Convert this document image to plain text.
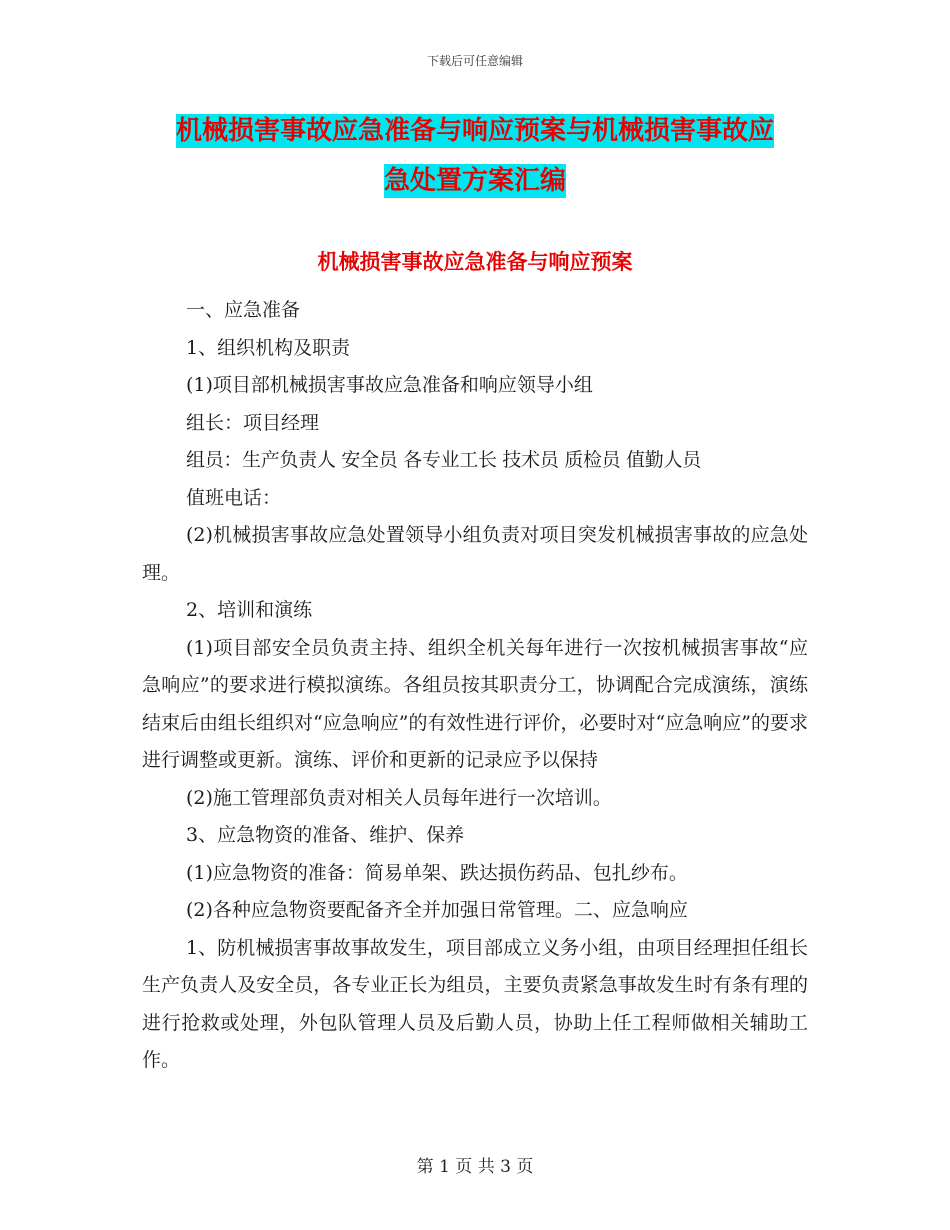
下载后可任意编辑
机械损害事故应急准备与响应预案与机械损害事故应
急处置方案汇编
机械损害事故应急准备与响应预案

一、应急准备

1、组织机构及职责

(1)项目部机械损害事故应急准备和响应领导小组

组长：项目经理

组员：生产负责人 安全员 各专业工长 技术员 质检员 值勤人员

值班电话：

(2)机械损害事故应急处置领导小组负责对项目突发机械损害事故的应急处理。

2、培训和演练

(1)项目部安全员负责主持、组织全机关每年进行一次按机械损害事故“应急响应”的要求进行模拟演练。各组员按其职责分工，协调配合完成演练，演练结束后由组长组织对“应急响应”的有效性进行评价，必要时对“应急响应”的要求进行调整或更新。演练、评价和更新的记录应予以保持

(2)施工管理部负责对相关人员每年进行一次培训。

3、应急物资的准备、维护、保养

(1)应急物资的准备：简易单架、跌达损伤药品、包扎纱布。

(2)各种应急物资要配备齐全并加强日常管理。二、应急响应

1、防机械损害事故事故发生，项目部成立义务小组，由项目经理担任组长生产负责人及安全员，各专业正长为组员，主要负责紧急事故发生时有条有理的进行抢救或处理，外包队管理人员及后勤人员，协助上任工程师做相关辅助工作。

第 1 页 共 3 页
